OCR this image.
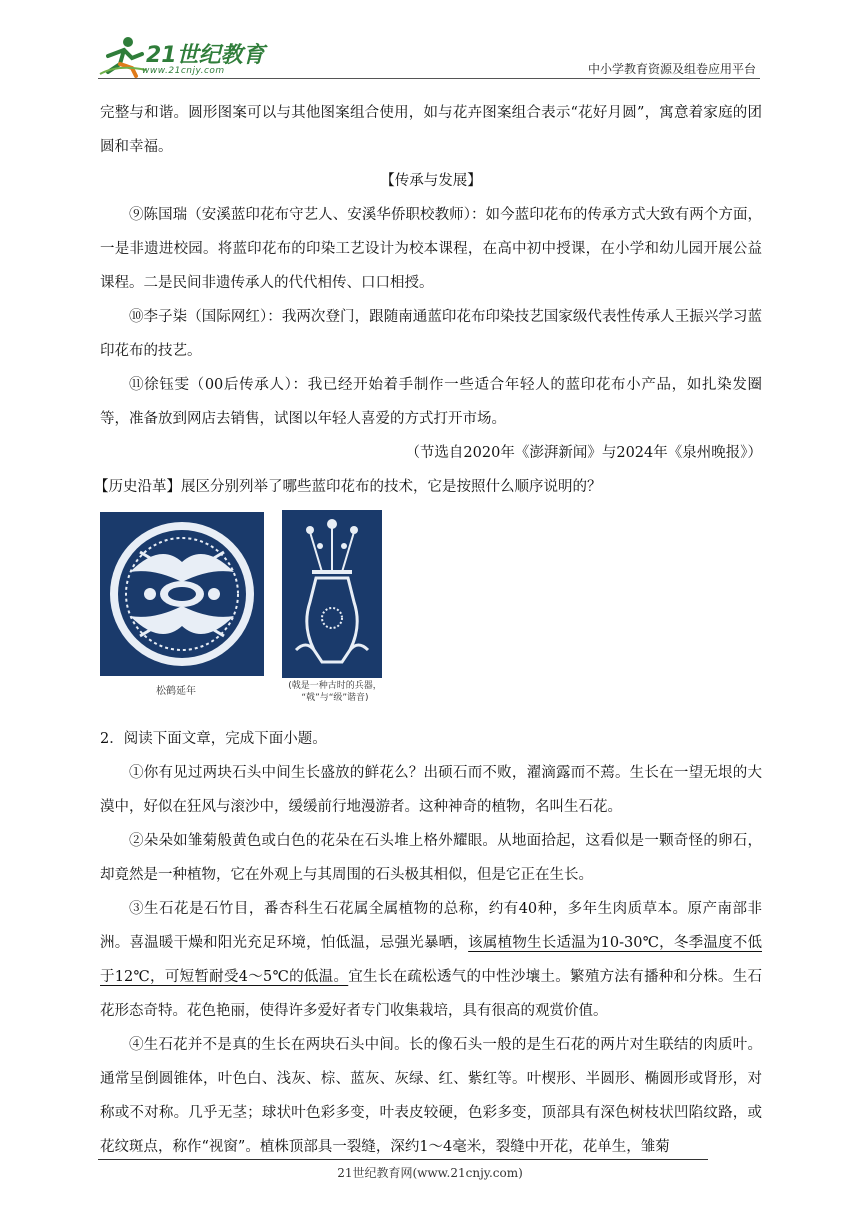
21世纪教育
www.21cnjy.com	中小学教育资源及组卷应用平台

完整与和谐。圆形图案可以与其他图案组合使用，如与花卉图案组合表示“花好月圆”，寓意着家庭的团圆和幸福。

【传承与发展】

⑨陈国瑞（安溪蓝印花布守艺人、安溪华侨职校教师）：如今蓝印花布的传承方式大致有两个方面，一是非遗进校园。将蓝印花布的印染工艺设计为校本课程，在高中初中授课，在小学和幼儿园开展公益课程。二是民间非遗传承人的代代相传、口口相授。

⑩李子柒（国际网红）：我两次登门，跟随南通蓝印花布印染技艺国家级代表性传承人王振兴学习蓝印花布的技艺。

⑪徐钰雯（00后传承人）：我已经开始着手制作一些适合年轻人的蓝印花布小产品，如扎染发圈等，准备放到网店去销售，试图以年轻人喜爱的方式打开市场。

（节选自2020年《澎湃新闻》与2024年《泉州晚报》）

【历史沿革】展区分别列举了哪些蓝印花布的技术，它是按照什么顺序说明的？

松鹤延年	(戟是一种古时的兵器，
“戟”与“级”谐音)

2．阅读下面文章，完成下面小题。

①你有见过两块石头中间生长盛放的鲜花么？出硕石而不败，濯滴露而不蔫。生长在一望无垠的大漠中，好似在狂风与滚沙中，缓缓前行地漫游者。这种神奇的植物，名叫生石花。

②朵朵如雏菊般黄色或白色的花朵在石头堆上格外耀眼。从地面拾起，这看似是一颗奇怪的卵石，却竟然是一种植物，它在外观上与其周围的石头极其相似，但是它正在生长。

③生石花是石竹目，番杏科生石花属全属植物的总称，约有40种，多年生肉质草本。原产南部非洲。喜温暖干燥和阳光充足环境，怕低温，忌强光暴晒，该属植物生长适温为10-30℃，冬季温度不低于12℃，可短暂耐受4～5℃的低温。宜生长在疏松透气的中性沙壤土。繁殖方法有播种和分株。生石花形态奇特。花色艳丽，使得许多爱好者专门收集栽培，具有很高的观赏价值。

④生石花并不是真的生长在两块石头中间。长的像石头一般的是生石花的两片对生联结的肉质叶。通常呈倒圆锥体，叶色白、浅灰、棕、蓝灰、灰绿、红、紫红等。叶楔形、半圆形、椭圆形或肾形，对称或不对称。几乎无茎；球状叶色彩多变，叶表皮较硬，色彩多变，顶部具有深色树枝状凹陷纹路，或花纹斑点，称作“视窗”。植株顶部具一裂缝，深约1～4毫米，裂缝中开花，花单生，雏菊

21世纪教育网(www.21cnjy.com)
